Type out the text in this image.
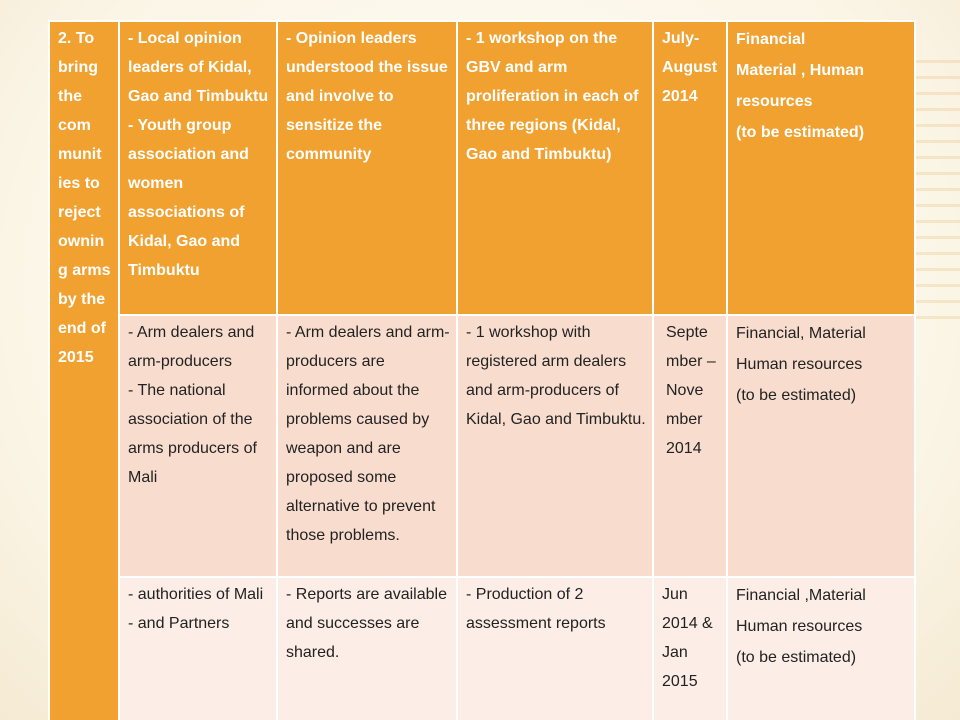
2. To bring the com munit ies to reject ownin g arms by the end of 2015	- Local opinion leaders of Kidal, Gao and Timbuktu
- Youth group association and women associations of Kidal, Gao and Timbuktu	- Opinion leaders understood the issue and involve to sensitize the community	- 1 workshop on the GBV and arm proliferation in each of three regions (Kidal, Gao and Timbuktu)	July-August 2014	Financial
Material , Human resources
(to be estimated)

	- Arm dealers and arm-producers
- The national association of the arms producers of Mali	- Arm dealers and arm-producers are informed about the problems caused by weapon and are proposed some alternative to prevent those problems.	- 1 workshop with registered arm dealers and arm-producers of Kidal, Gao and Timbuktu.	Septe mber – Nove mber 2014	Financial, Material
Human resources
(to be estimated)

	- authorities of Mali
- and Partners	- Reports are available and successes are shared.	- Production of 2 assessment reports	Jun 2014 & Jan 2015	Financial ,Material
Human resources
(to be estimated)
